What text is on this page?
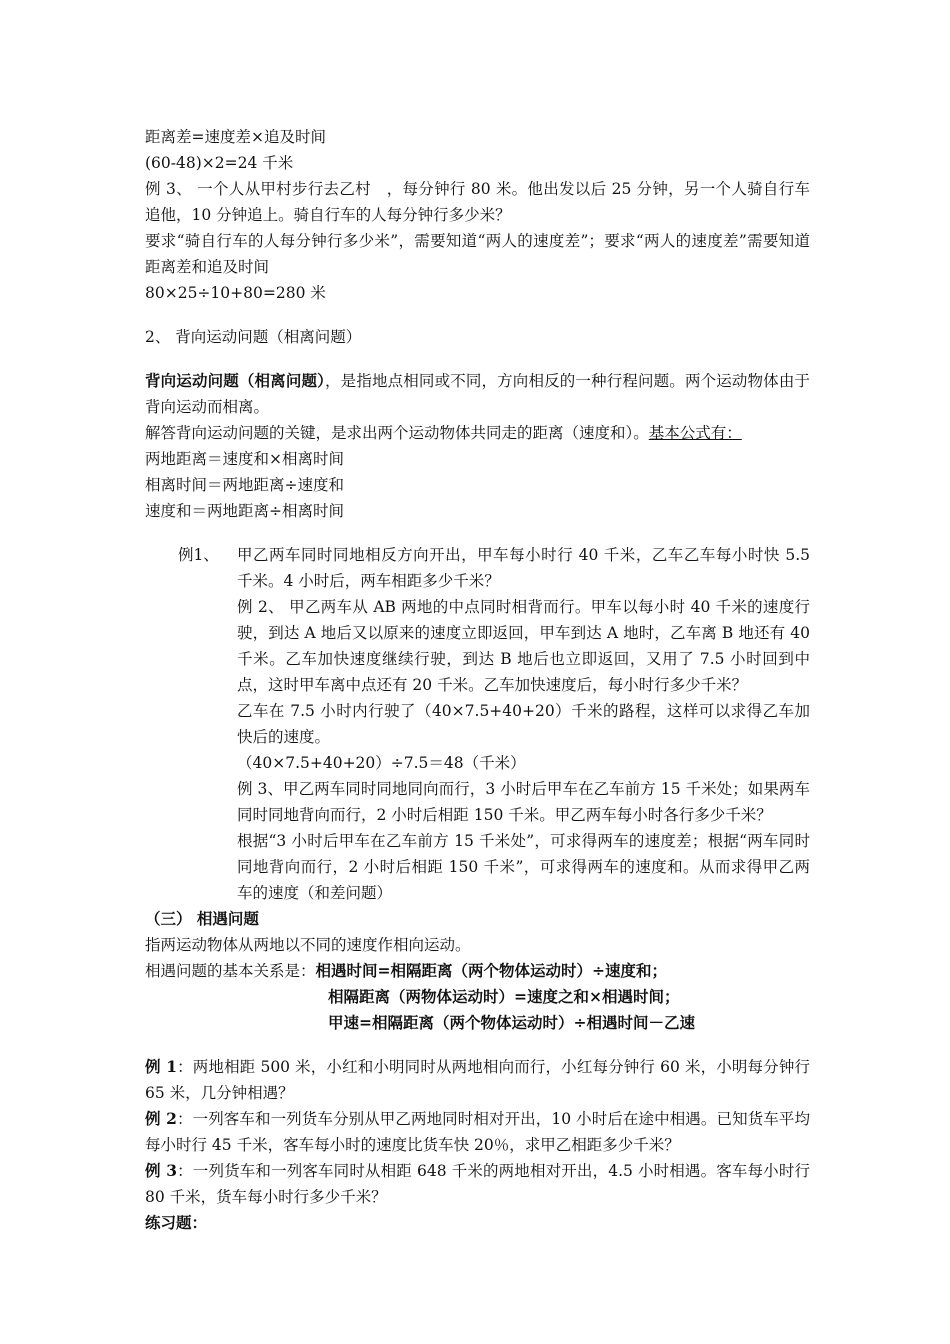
距离差=速度差×追及时间
(60-48)×2=24 千米
例 3、 一个人从甲村步行去乙村　，每分钟行 80 米。他出发以后 25 分钟，另一个人骑自行车追他，10 分钟追上。骑自行车的人每分钟行多少米？
要求“骑自行车的人每分钟行多少米”，需要知道“两人的速度差”；要求“两人的速度差”需要知道距离差和追及时间
80×25÷10+80=280 米
2、 背向运动问题（相离问题）
背向运动问题（相离问题），是指地点相同或不同，方向相反的一种行程问题。两个运动物体由于背向运动而相离。
解答背向运动问题的关键，是求出两个运动物体共同走的距离（速度和）。基本公式有：
两地距离＝速度和×相离时间
相离时间＝两地距离÷速度和
速度和＝两地距离÷相离时间
例1、 甲乙两车同时同地相反方向开出，甲车每小时行 40 千米，乙车乙车每小时快 5.5 千米。4 小时后，两车相距多少千米？
例 2、 甲乙两车从 AB 两地的中点同时相背而行。甲车以每小时 40 千米的速度行驶，到达 A 地后又以原来的速度立即返回，甲车到达 A 地时，乙车离 B 地还有 40 千米。乙车加快速度继续行驶，到达 B 地后也立即返回，又用了 7.5 小时回到中点，这时甲车离中点还有 20 千米。乙车加快速度后，每小时行多少千米？
乙车在 7.5 小时内行驶了（40×7.5+40+20）千米的路程，这样可以求得乙车加快后的速度。
（40×7.5+40+20）÷7.5＝48（千米）
例 3、甲乙两车同时同地同向而行，3 小时后甲车在乙车前方 15 千米处；如果两车同时同地背向而行，2 小时后相距 150 千米。甲乙两车每小时各行多少千米？
根据“3 小时后甲车在乙车前方 15 千米处”，可求得两车的速度差；根据“两车同时同地背向而行，2 小时后相距 150 千米”，可求得两车的速度和。从而求得甲乙两车的速度（和差问题）
（三） 相遇问题
指两运动物体从两地以不同的速度作相向运动。
相遇问题的基本关系是：相遇时间=相隔距离（两个物体运动时）÷速度和；
相隔距离（两物体运动时）=速度之和×相遇时间；
甲速=相隔距离（两个物体运动时）÷相遇时间－乙速
例 1：两地相距 500 米，小红和小明同时从两地相向而行，小红每分钟行 60 米，小明每分钟行 65 米，几分钟相遇？
例 2：一列客车和一列货车分别从甲乙两地同时相对开出，10 小时后在途中相遇。已知货车平均每小时行 45 千米，客车每小时的速度比货车快 20％，求甲乙相距多少千米？
例 3：一列货车和一列客车同时从相距 648 千米的两地相对开出，4.5 小时相遇。客车每小时行 80 千米，货车每小时行多少千米？
练习题：
